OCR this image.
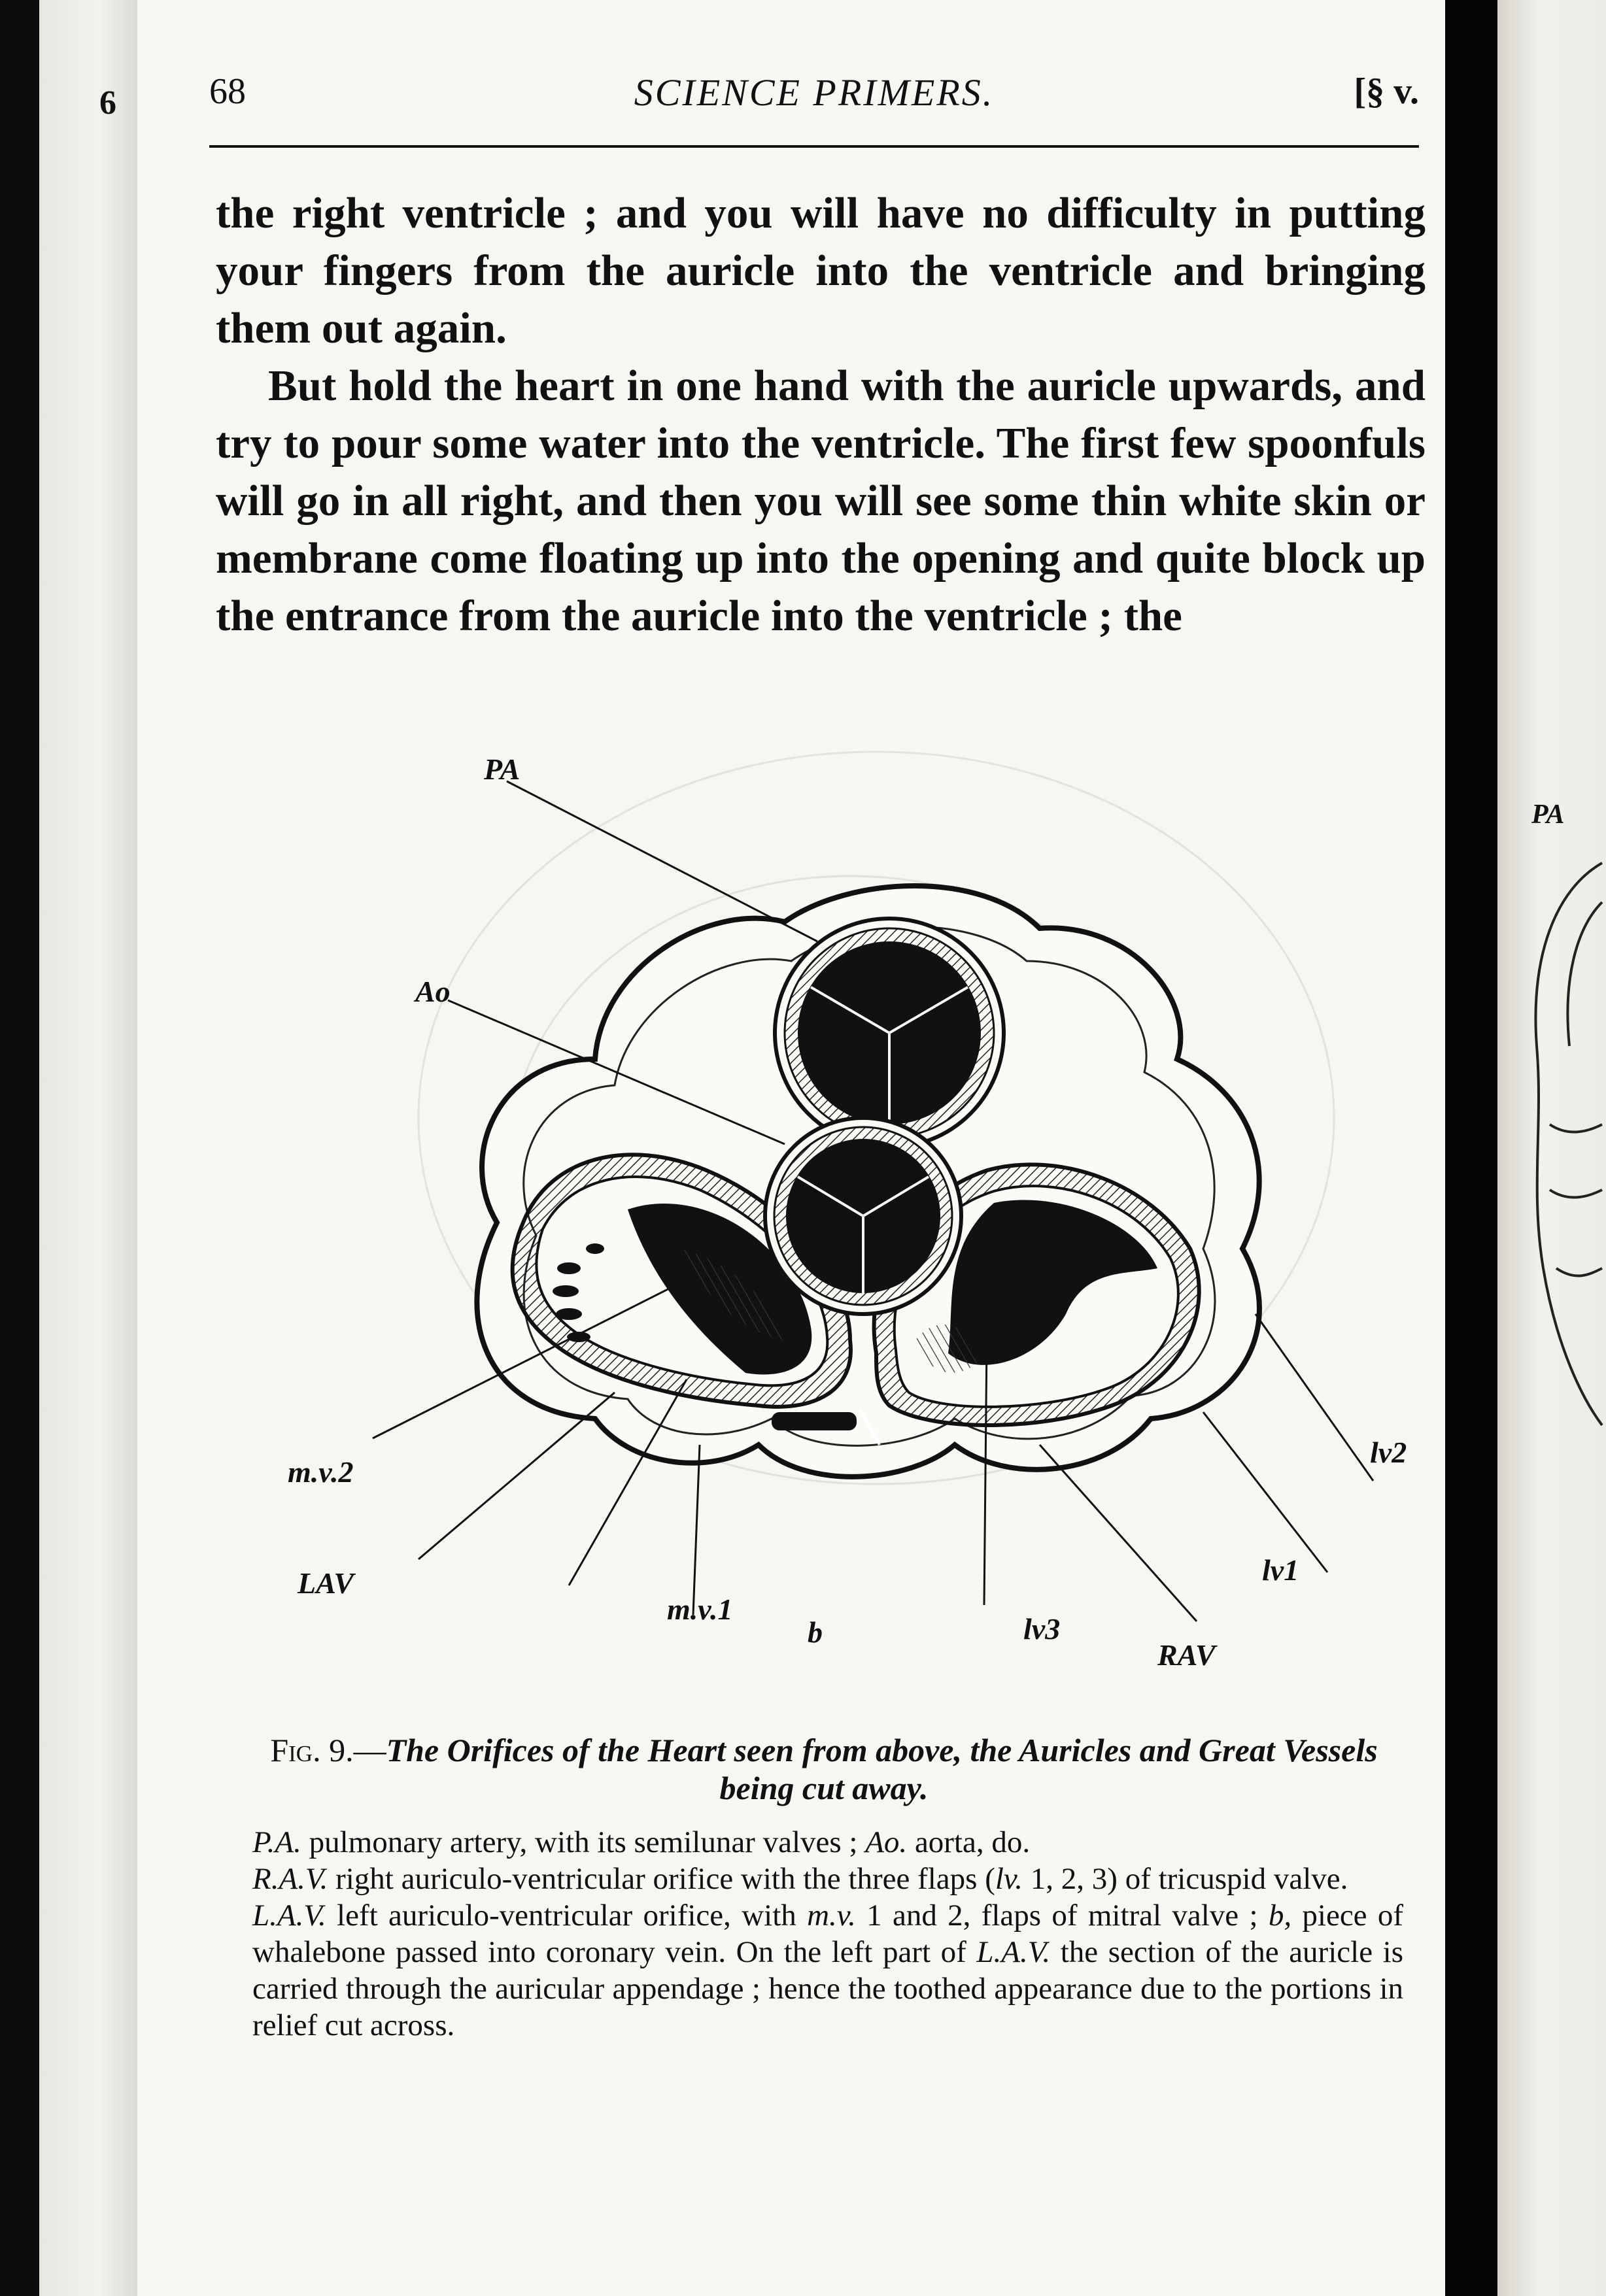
6	68	SCIENCE PRIMERS.	[§ v.

the right ventricle ; and you will have no difficulty in putting your fingers from the auricle into the ventricle and bringing them out again.

But hold the heart in one hand with the auricle upwards, and try to pour some water into the ventricle. The first few spoonfuls will go in all right, and then you will see some thin white skin or membrane come floating up into the opening and quite block up the entrance from the auricle into the ventricle ; the

PA
Ao
m.v.2
LAV
m.v.1
b	lv3
RAV
lv1
lv2
Fig. 9.—The Orifices of the Heart seen from above, the Auricles and Great Vessels being cut away.

P.A. pulmonary artery, with its semilunar valves ; Ao. aorta, do.

R.A.V. right auriculo-ventricular orifice with the three flaps (lv. 1, 2, 3) of tricuspid valve.

L.A.V. left auriculo-ventricular orifice, with m.v. 1 and 2, flaps of mitral valve ; b, piece of whalebone passed into coronary vein. On the left part of L.A.V. the section of the auricle is carried through the auricular appendage ; hence the toothed appearance due to the portions in relief cut across.

PA
